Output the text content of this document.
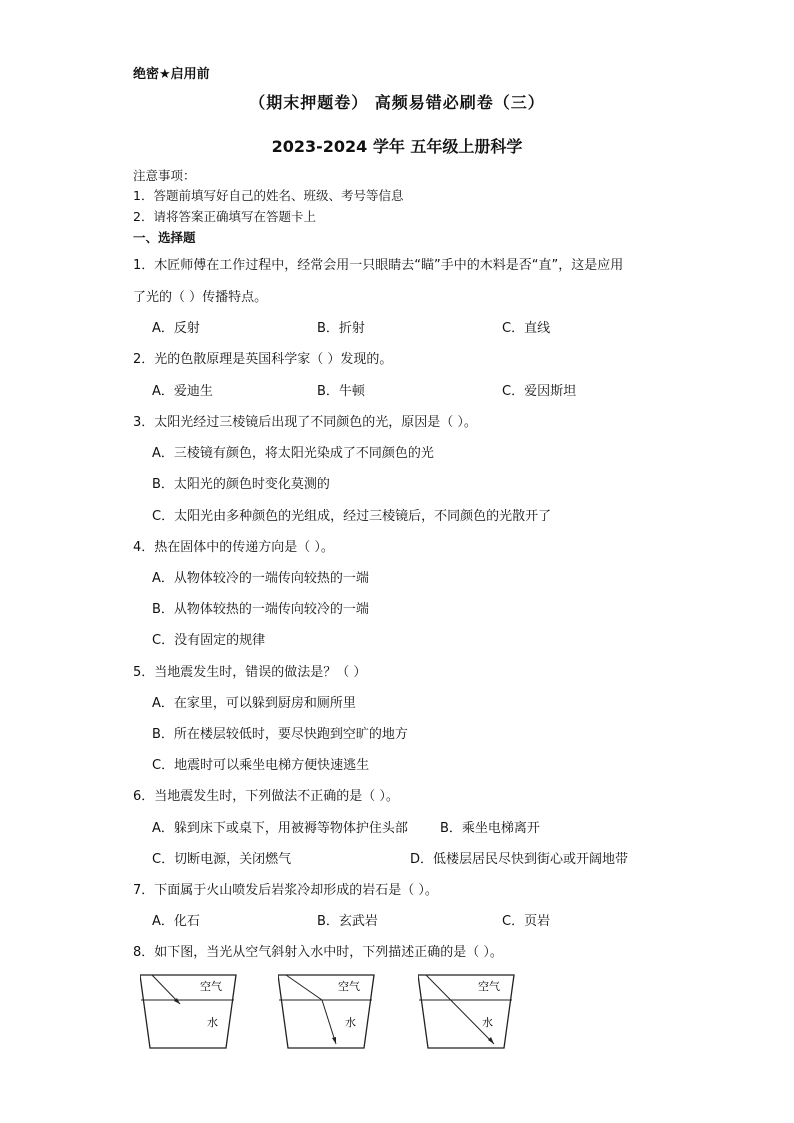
绝密★启用前
（期末押题卷） 高频易错必刷卷（三）
2023-2024 学年 五年级上册科学
注意事项：
1．答题前填写好自己的姓名、班级、考号等信息
2．请将答案正确填写在答题卡上
一、选择题
1．木匠师傅在工作过程中，经常会用一只眼睛去“瞄”手中的木料是否“直”，这是应用
了光的（ ）传播特点。
A．反射	B．折射	C．直线
2．光的色散原理是英国科学家（ ）发现的。
A．爱迪生	B．牛顿	C．爱因斯坦
3．太阳光经过三棱镜后出现了不同颜色的光，原因是（ ）。
A．三棱镜有颜色，将太阳光染成了不同颜色的光
B．太阳光的颜色时变化莫测的
C．太阳光由多种颜色的光组成，经过三棱镜后，不同颜色的光散开了
4．热在固体中的传递方向是（ ）。
A．从物体较冷的一端传向较热的一端
B．从物体较热的一端传向较冷的一端
C．没有固定的规律
5．当地震发生时，错误的做法是？（ ）
A．在家里，可以躲到厨房和厕所里
B．所在楼层较低时，要尽快跑到空旷的地方
C．地震时可以乘坐电梯方便快速逃生
6．当地震发生时，下列做法不正确的是（ ）。
A．躲到床下或桌下，用被褥等物体护住头部 B．乘坐电梯离开
C．切断电源，关闭燃气	D．低楼层居民尽快到街心或开阔地带
7．下面属于火山喷发后岩浆冷却形成的岩石是（ ）。
A．化石	B．玄武岩	C．页岩
8．如下图，当光从空气斜射入水中时，下列描述正确的是（ ）。
空气
水
空气
水
空气
水
